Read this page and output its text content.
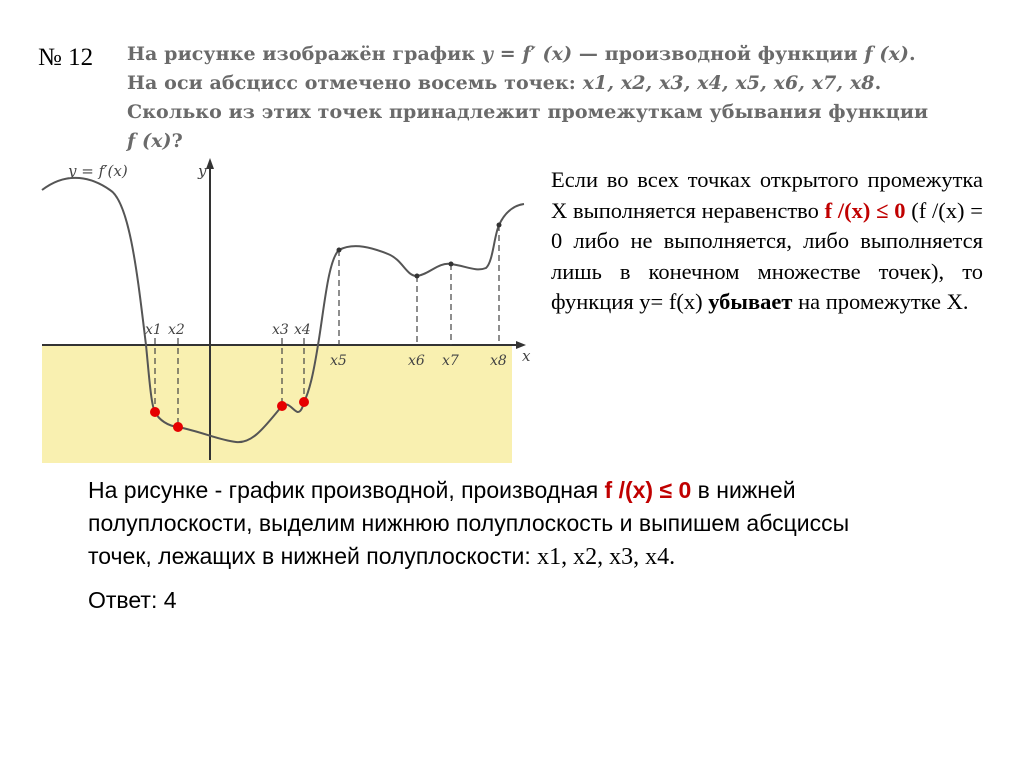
№ 12 На рисунке изображён график y = f′ (x) — производной функции f (x). На оси абсцисс отмечено восемь точек: x1, x2, x3, x4, x5, x6, x7, x8. Сколько из этих точек принадлежит промежуткам убывания функции f (x)?
x
y
y = f′(x)
x1 x2	x3 x4
x5	x6 x7 x8
Если во всех точках открытого промежутка Х выполняется неравенство f /(x) ≤ 0 (f /(x) = 0 либо не выполняется, либо выполняется лишь в конечном множестве точек), то функция y= f(x) убывает на промежутке Х.
На рисунке - график производной, производная f /(x) ≤ 0 в нижней полуплоскости, выделим нижнюю полуплоскость и выпишем абсциссы точек, лежащих в нижней полуплоскости: x1, x2, x3, x4.
Ответ: 4
